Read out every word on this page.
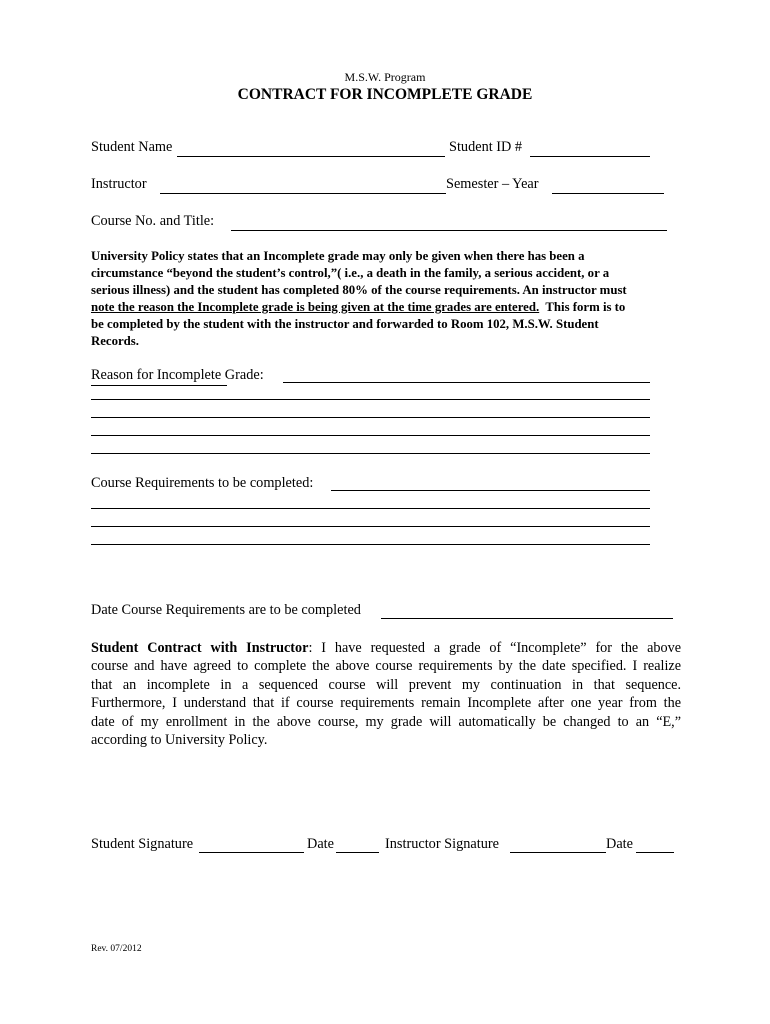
M.S.W. Program
CONTRACT FOR INCOMPLETE GRADE
Student Name	Student ID #
Instructor	Semester – Year
Course No. and Title:
University Policy states that an Incomplete grade may only be given when there has been a
circumstance “beyond the student’s control,”( i.e., a death in the family, a serious accident, or a
serious illness) and the student has completed 80% of the course requirements. An instructor must
note the reason the Incomplete grade is being given at the time grades are entered.  This form is to
be completed by the student with the instructor and forwarded to Room 102, M.S.W. Student
Records.
Reason for Incomplete Grade:
Course Requirements to be completed:
Date Course Requirements are to be completed
Student Contract with Instructor: I have requested a grade of “Incomplete” for the above
course and have agreed to complete the above course requirements by the date specified. I realize
that an incomplete in a sequenced course will prevent my continuation in that sequence.
Furthermore, I understand that if course requirements remain Incomplete after one year from the
date of my enrollment in the above course, my grade will automatically be changed to an “E,”
according to University Policy.
Student Signature	Date	Instructor Signature	Date
Rev. 07/2012
